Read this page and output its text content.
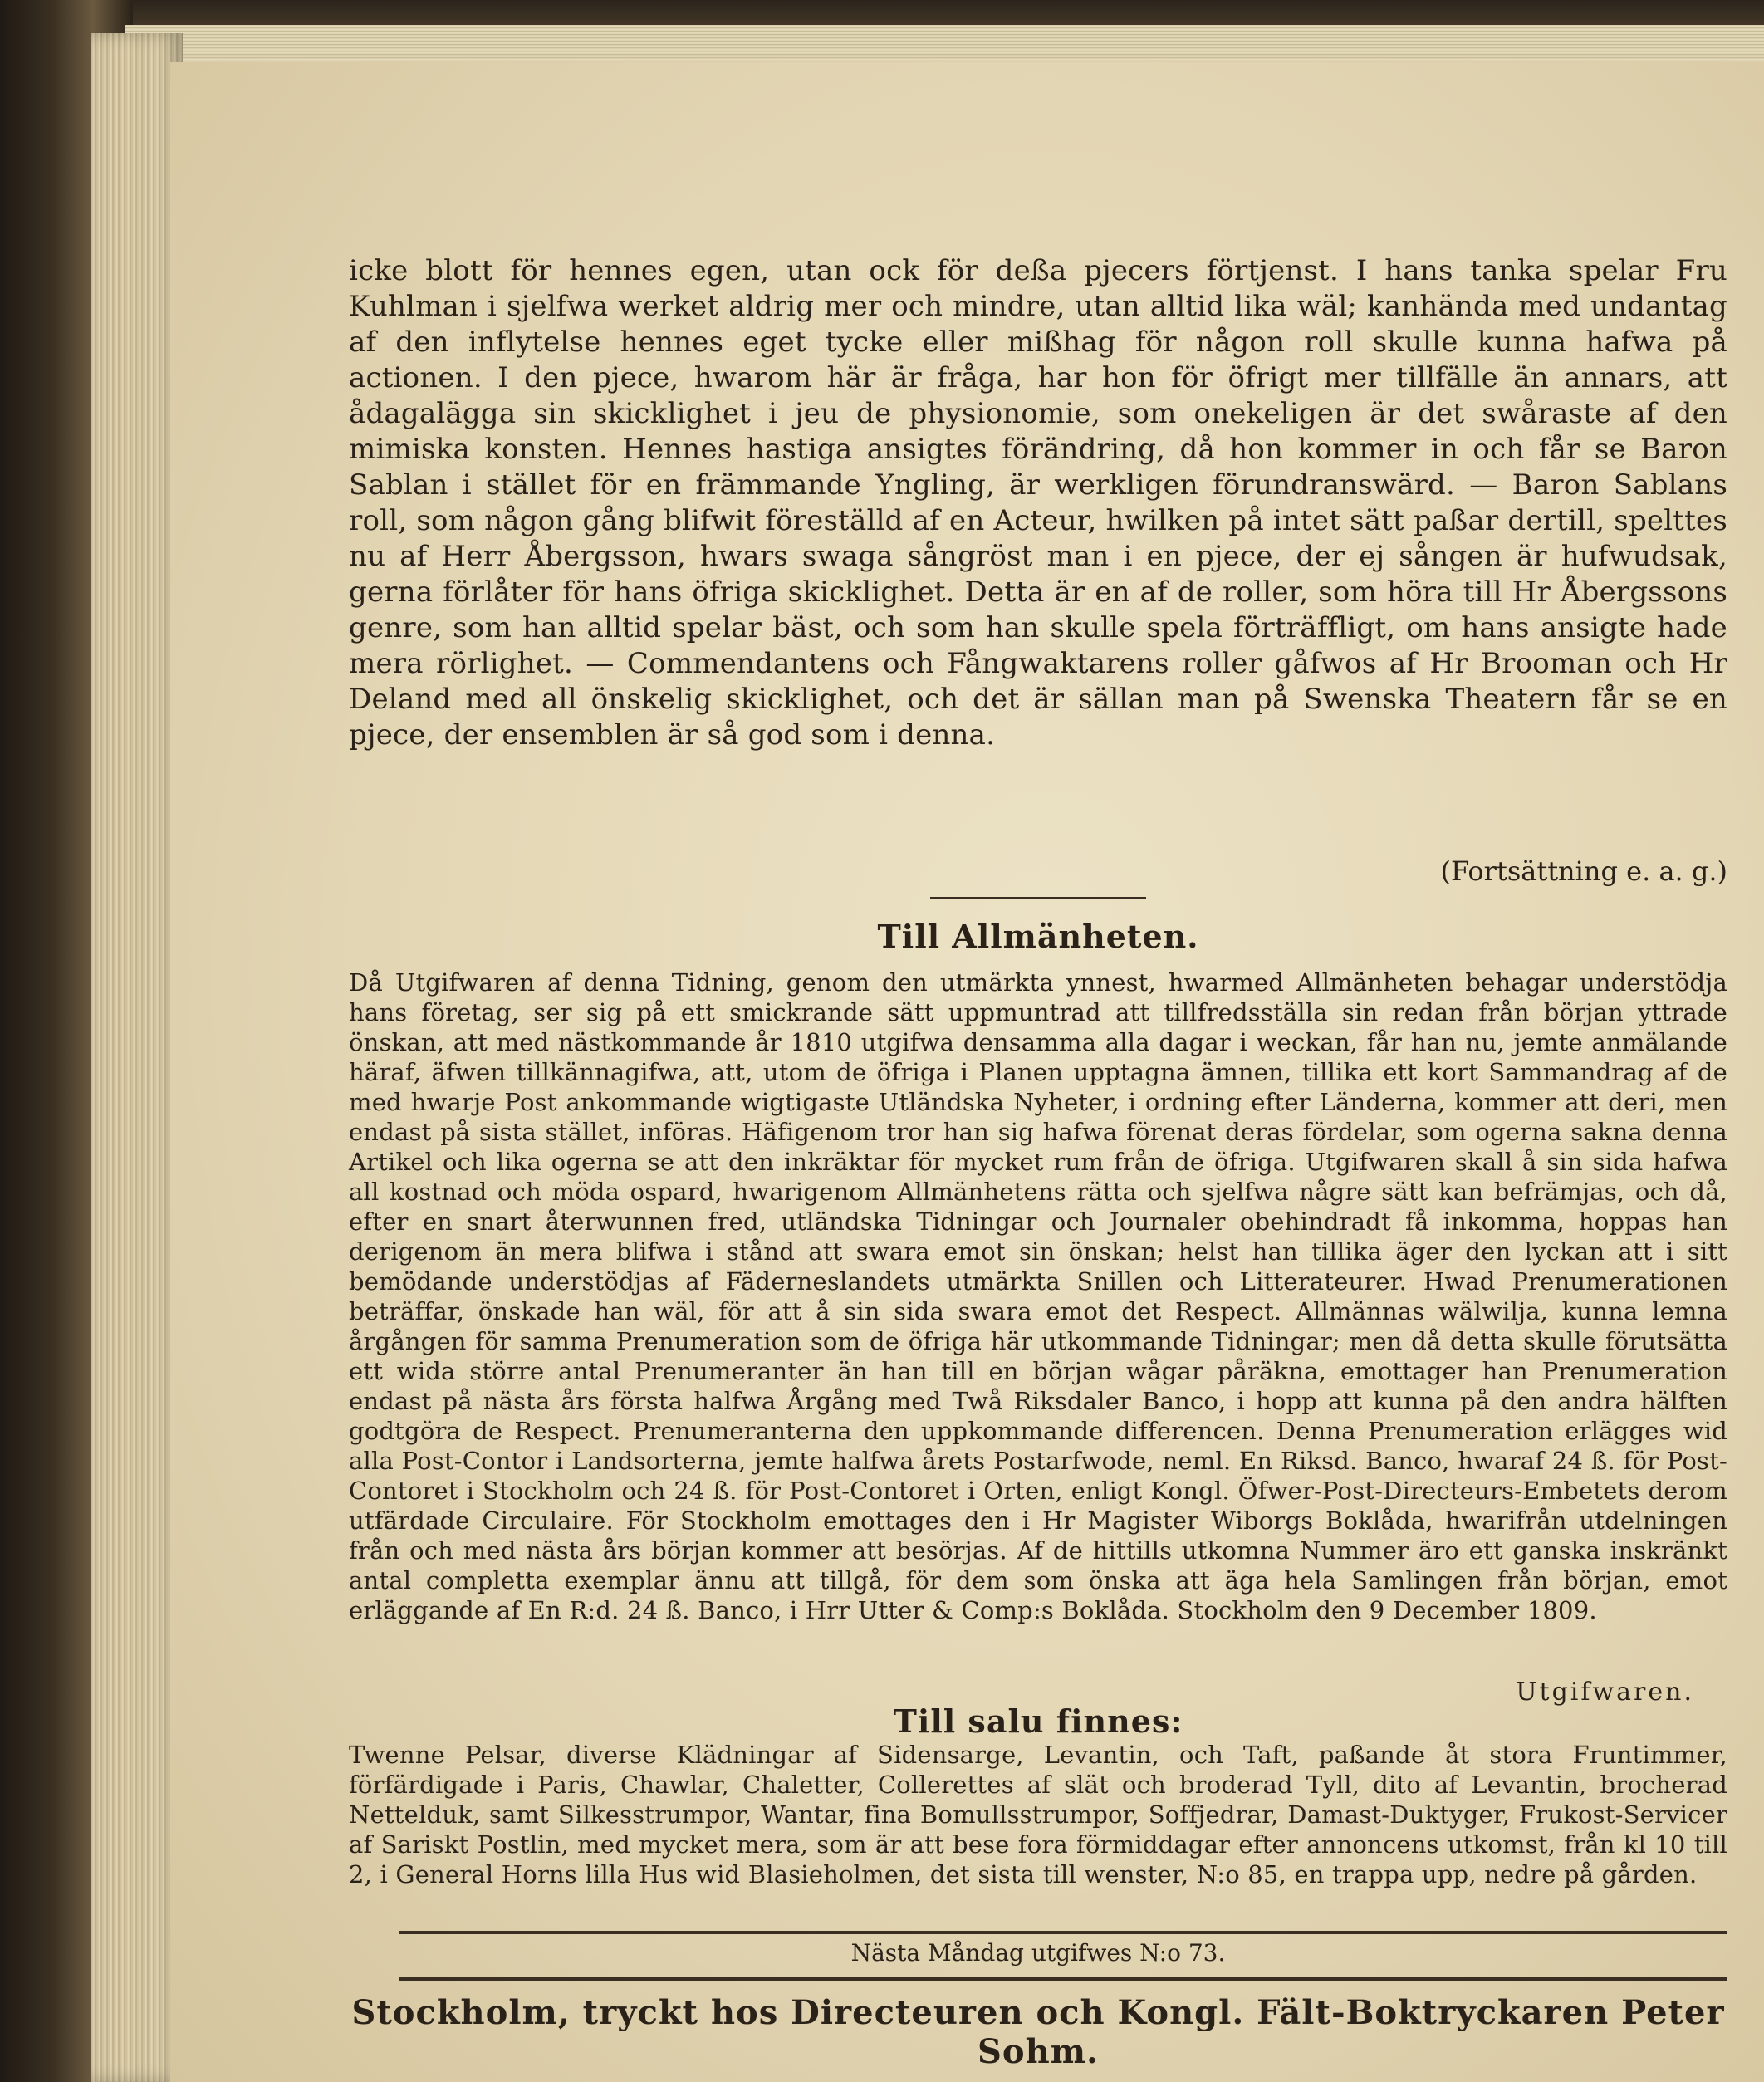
icke blott för hennes egen, utan ock för deßa pjecers förtjenst. I hans tanka spelar Fru Kuhlman i sjelfwa werket aldrig mer och mindre, utan alltid lika wäl; kanhända med undantag af den inflytelse hennes eget tycke eller mißhag för någon roll skulle kunna hafwa på actionen. I den pjece, hwarom här är fråga, har hon för öfrigt mer tillfälle än annars, att ådagalägga sin skicklighet i jeu de physionomie, som onekeligen är det swåraste af den mimiska konsten. Hennes hastiga ansigtes förändring, då hon kommer in och får se Baron Sablan i stället för en främmande Yngling, är werkligen förundranswärd. — Baron Sablans roll, som någon gång blifwit föreställd af en Acteur, hwilken på intet sätt paßar dertill, spelttes nu af Herr Åbergsson, hwars swaga sångröst man i en pjece, der ej sången är hufwudsak, gerna förlåter för hans öfriga skicklighet. Detta är en af de roller, som höra till Hr Åbergssons genre, som han alltid spelar bäst, och som han skulle spela förträffligt, om hans ansigte hade mera rörlighet. — Commendantens och Fångwaktarens roller gåfwos af Hr Brooman och Hr Deland med all önskelig skicklighet, och det är sällan man på Swenska Theatern får se en pjece, der ensemblen är så god som i denna.

(Fortsättning e. a. g.)
Till Allmänheten.

Då Utgifwaren af denna Tidning, genom den utmärkta ynnest, hwarmed Allmänheten behagar understödja hans företag, ser sig på ett smickrande sätt uppmuntrad att tillfredsställa sin redan från början yttrade önskan, att med nästkommande år 1810 utgifwa densamma alla dagar i weckan, får han nu, jemte anmälande häraf, äfwen tillkännagifwa, att, utom de öfriga i Planen upptagna ämnen, tillika ett kort Sammandrag af de med hwarje Post ankommande wigtigaste Utländska Nyheter, i ordning efter Länderna, kommer att deri, men endast på sista stället, införas. Häfigenom tror han sig hafwa förenat deras fördelar, som ogerna sakna denna Artikel och lika ogerna se att den inkräktar för mycket rum från de öfriga. Utgifwaren skall å sin sida hafwa all kostnad och möda ospard, hwarigenom Allmänhetens rätta och sjelfwa någre sätt kan befrämjas, och då, efter en snart återwunnen fred, utländska Tidningar och Journaler obehindradt få inkomma, hoppas han derigenom än mera blifwa i stånd att swara emot sin önskan; helst han tillika äger den lyckan att i sitt bemödande understödjas af Fäderneslandets utmärkta Snillen och Litterateurer. Hwad Prenumerationen beträffar, önskade han wäl, för att å sin sida swara emot det Respect. Allmännas wälwilja, kunna lemna årgången för samma Prenumeration som de öfriga här utkommande Tidningar; men då detta skulle förutsätta ett wida större antal Prenumeranter än han till en början wågar påräkna, emottager han Prenumeration endast på nästa års första halfwa Årgång med Twå Riksdaler Banco, i hopp att kunna på den andra hälften godtgöra de Respect. Prenumeranterna den uppkommande differencen. Denna Prenumeration erlägges wid alla Post-Contor i Landsorterna, jemte halfwa årets Postarfwode, neml. En Riksd. Banco, hwaraf 24 ß. för Post-Contoret i Stockholm och 24 ß. för Post-Contoret i Orten, enligt Kongl. Öfwer-Post-Directeurs-Embetets derom utfärdade Circulaire. För Stockholm emottages den i Hr Magister Wiborgs Boklåda, hwarifrån utdelningen från och med nästa års början kommer att besörjas. Af de hittills utkomna Nummer äro ett ganska inskränkt antal completta exemplar ännu att tillgå, för dem som önska att äga hela Samlingen från början, emot erläggande af En R:d. 24 ß. Banco, i Hrr Utter & Comp:s Boklåda. Stockholm den 9 December 1809.

Utgifwaren.
Till salu finnes:

Twenne Pelsar, diverse Klädningar af Sidensarge, Levantin, och Taft, paßande åt stora Fruntimmer, förfärdigade i Paris, Chawlar, Chaletter, Collerettes af slät och broderad Tyll, dito af Levantin, brocherad Nettelduk, samt Silkesstrumpor, Wantar, fina Bomullsstrumpor, Soffjedrar, Damast-Duktyger, Frukost-Servicer af Sariskt Postlin, med mycket mera, som är att bese fora förmiddagar efter annoncens utkomst, från kl 10 till 2, i General Horns lilla Hus wid Blasieholmen, det sista till wenster, N:o 85, en trappa upp, nedre på gården.

Nästa Måndag utgifwes N:o 73.
Stockholm, tryckt hos Directeuren och Kongl. Fält-Boktryckaren Peter Sohm.
